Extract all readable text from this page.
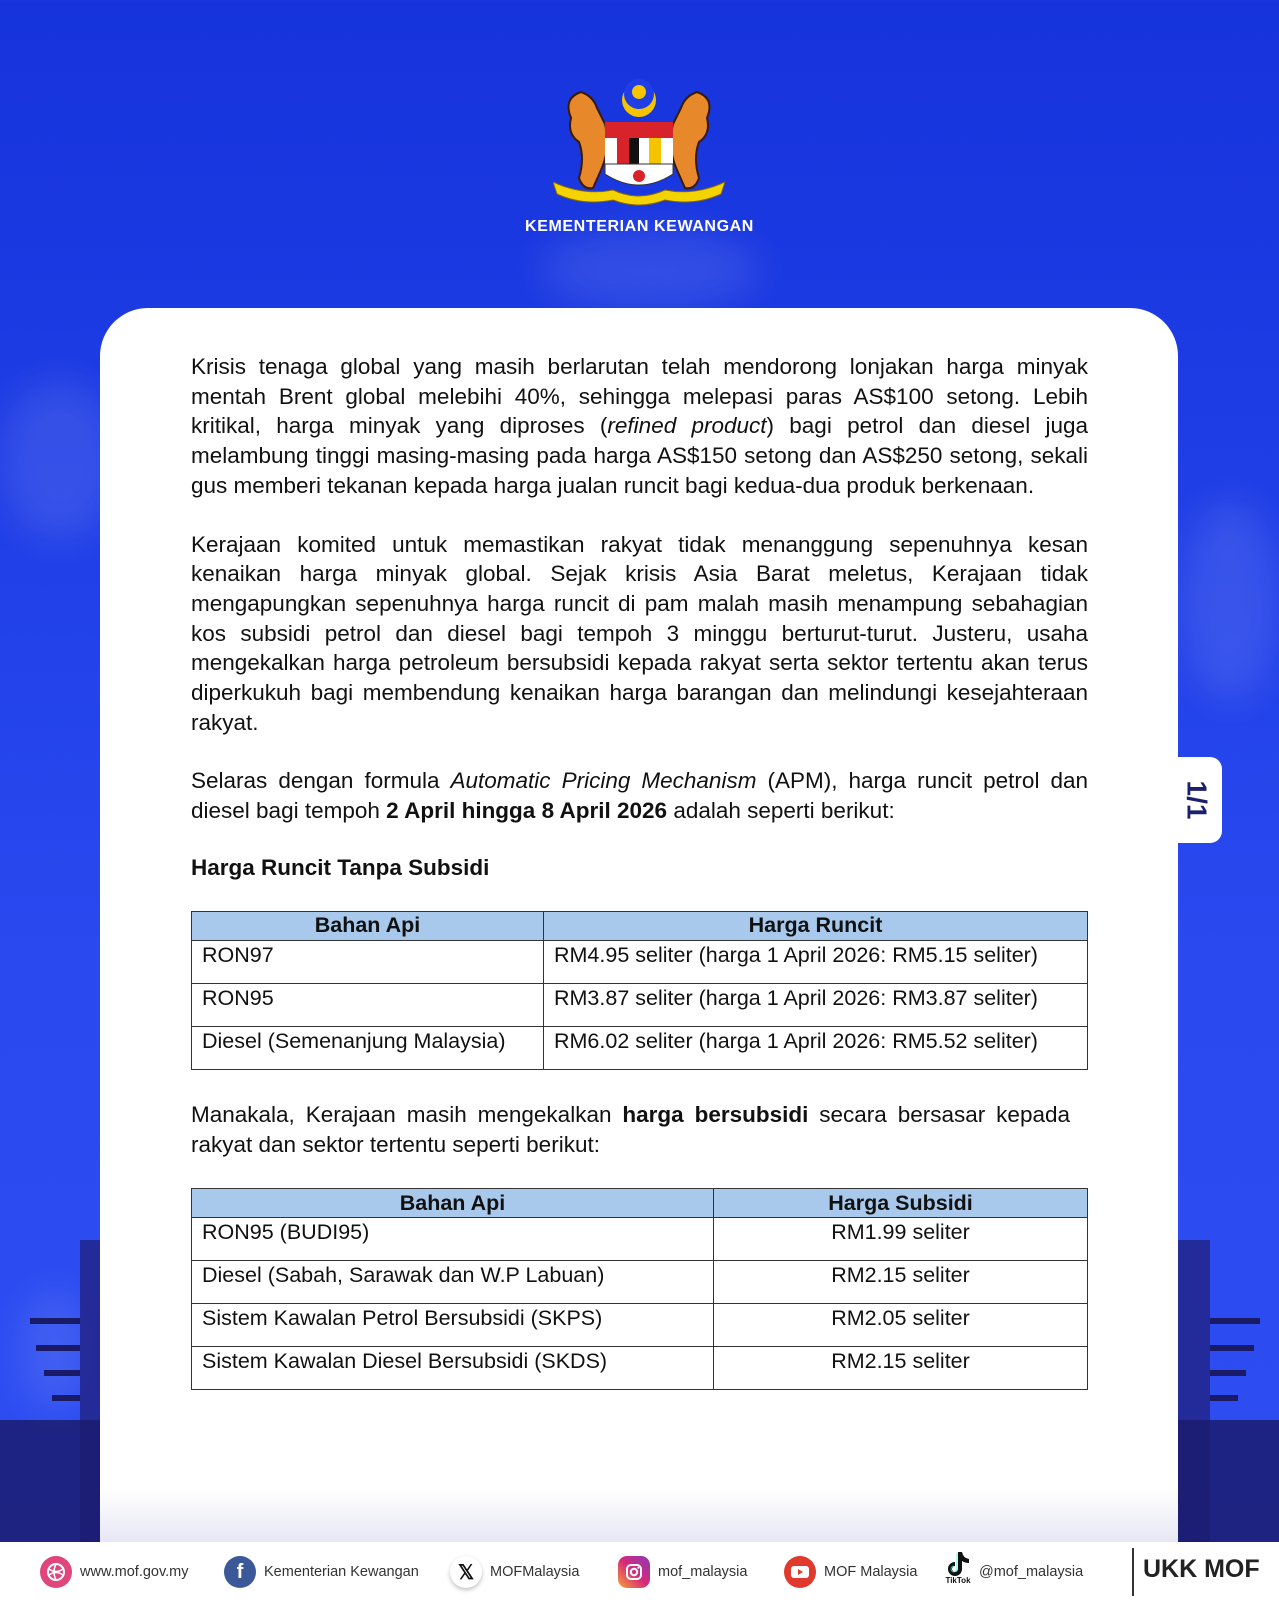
KEMENTERIAN KEWANGAN
1/1

Krisis tenaga global yang masih berlarutan telah mendorong lonjakan harga minyak mentah Brent global melebihi 40%, sehingga melepasi paras AS$100 setong. Lebih kritikal, harga minyak yang diproses (refined product) bagi petrol dan diesel juga melambung tinggi masing-masing pada harga AS$150 setong dan AS$250 setong, sekali gus memberi tekanan kepada harga jualan runcit bagi kedua-dua produk berkenaan.

Kerajaan komited untuk memastikan rakyat tidak menanggung sepenuhnya kesan kenaikan harga minyak global. Sejak krisis Asia Barat meletus, Kerajaan tidak mengapungkan sepenuhnya harga runcit di pam malah masih menampung sebahagian kos subsidi petrol dan diesel bagi tempoh 3 minggu berturut-turut. Justeru, usaha mengekalkan harga petroleum bersubsidi kepada rakyat serta sektor tertentu akan terus diperkukuh bagi membendung kenaikan harga barangan dan melindungi kesejahteraan rakyat.

Selaras dengan formula Automatic Pricing Mechanism (APM), harga runcit petrol dan diesel bagi tempoh 2 April hingga 8 April 2026 adalah seperti berikut:

Harga Runcit Tanpa Subsidi
Bahan Api	Harga Runcit
RON97	RM4.95 seliter (harga 1 April 2026: RM5.15 seliter)
RON95	RM3.87 seliter (harga 1 April 2026: RM3.87 seliter)
Diesel (Semenanjung Malaysia)	RM6.02 seliter (harga 1 April 2026: RM5.52 seliter)

Manakala, Kerajaan masih mengekalkan harga bersubsidi secara bersasar kepada rakyat dan sektor tertentu seperti berikut:

Bahan Api	Harga Subsidi
RON95 (BUDI95)	RM1.99 seliter
Diesel (Sabah, Sarawak dan W.P Labuan)	RM2.15 seliter
Sistem Kawalan Petrol Bersubsidi (SKPS)	RM2.05 seliter
Sistem Kawalan Diesel Bersubsidi (SKDS)	RM2.15 seliter
www.mof.gov.my	f	Kementerian Kewangan	𝕏	MOFMalaysia	mof_malaysia	MOF Malaysia
TikTok
@mof_malaysia UKK MOF
